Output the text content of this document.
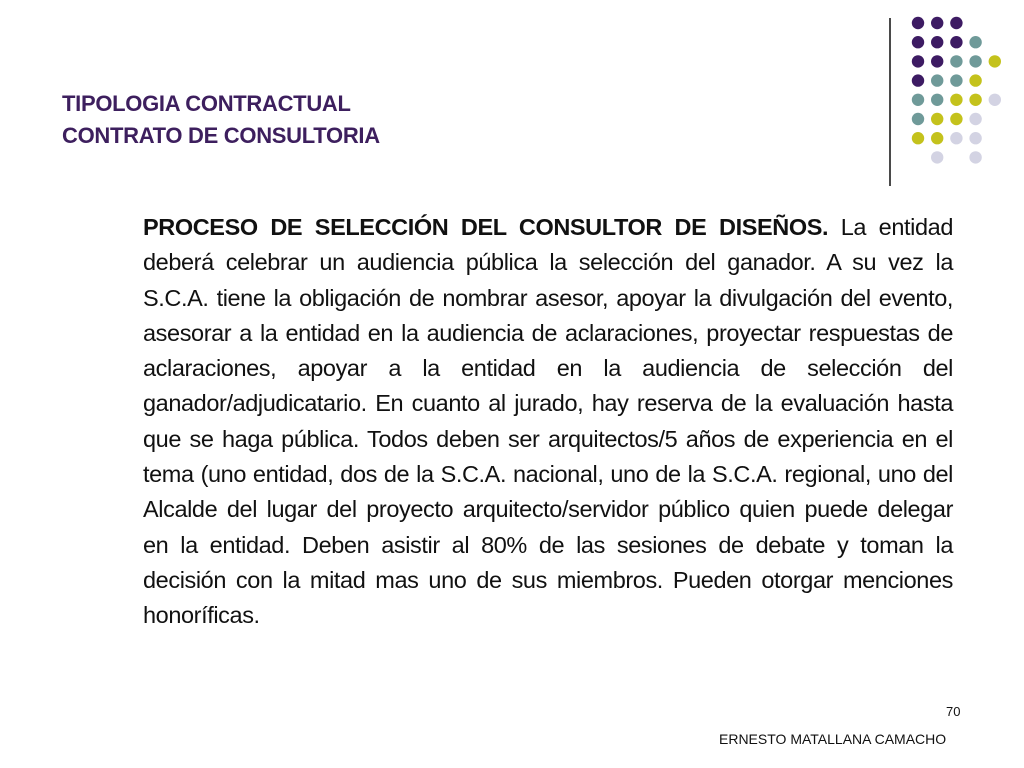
TIPOLOGIA CONTRACTUAL
CONTRATO DE CONSULTORIA
PROCESO DE SELECCIÓN DEL CONSULTOR DE DISEÑOS. La entidad deberá celebrar un audiencia pública la selección del ganador. A su vez la S.C.A. tiene la obligación de nombrar asesor, apoyar la divulgación del evento, asesorar a la entidad en la audiencia de aclaraciones, proyectar respuestas de aclaraciones, apoyar a la entidad en la audiencia de selección del ganador/adjudicatario. En cuanto al jurado, hay reserva de la evaluación hasta que se haga pública. Todos deben ser arquitectos/5 años de experiencia en el tema (uno entidad, dos de la S.C.A. nacional, uno de la S.C.A. regional, uno del Alcalde del lugar del proyecto arquitecto/servidor público quien puede delegar en la entidad. Deben asistir al 80% de las sesiones de debate y toman la decisión con la mitad mas uno de sus miembros. Pueden otorgar menciones honoríficas.
70
ERNESTO MATALLANA CAMACHO
